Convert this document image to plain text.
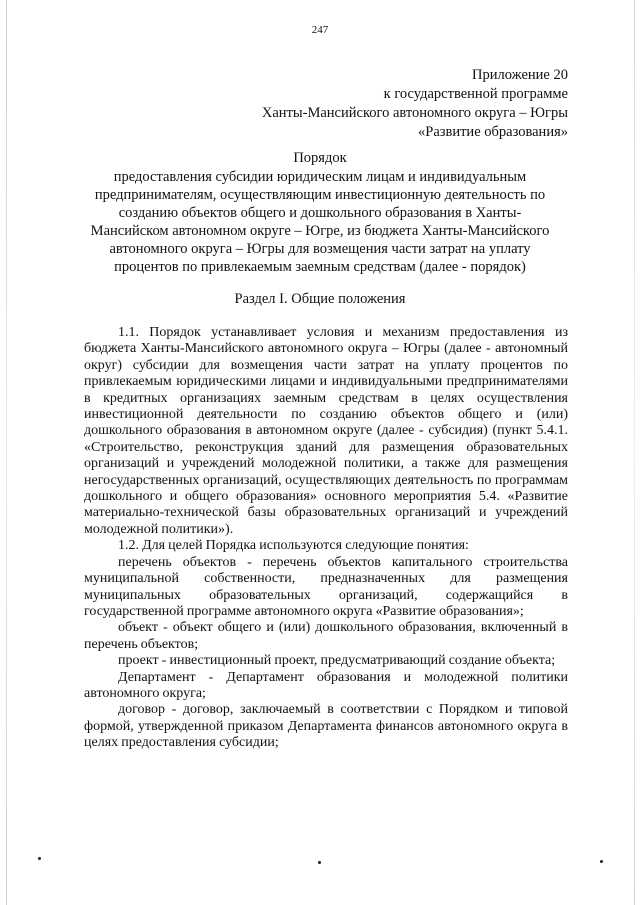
247
Приложение 20
к государственной программе
Ханты-Мансийского автономного округа – Югры
«Развитие образования»
Порядок
предоставления субсидии юридическим лицам и индивидуальным
предпринимателям, осуществляющим инвестиционную деятельность по
созданию объектов общего и дошкольного образования в Ханты-
Мансийском автономном округе – Югре, из бюджета Ханты-Мансийского
автономного округа – Югры для возмещения части затрат на уплату
процентов по привлекаемым заемным средствам (далее - порядок)
Раздел I. Общие положения

1.1. Порядок устанавливает условия и механизм предоставления из бюджета Ханты-Мансийского автономного округа – Югры (далее - автономный округ) субсидии для возмещения части затрат на уплату процентов по привлекаемым юридическими лицами и индивидуальными предпринимателями в кредитных организациях заемным средствам в целях осуществления инвестиционной деятельности по созданию объектов общего и (или) дошкольного образования в автономном округе (далее - субсидия) (пункт 5.4.1. «Строительство, реконструкция зданий для размещения образовательных организаций и учреждений молодежной политики, а также для размещения негосударственных организаций, осуществляющих деятельность по программам дошкольного и общего образования» основного мероприятия 5.4. «Развитие материально-технической базы образовательных организаций и учреждений молодежной политики»).

1.2. Для целей Порядка используются следующие понятия:

перечень объектов - перечень объектов капитального строительства муниципальной собственности, предназначенных для размещения муниципальных образовательных организаций, содержащийся в государственной программе автономного округа «Развитие образования»;

объект - объект общего и (или) дошкольного образования, включенный в перечень объектов;

проект - инвестиционный проект, предусматривающий создание объекта;

Департамент - Департамент образования и молодежной политики автономного округа;

договор - договор, заключаемый в соответствии с Порядком и типовой формой, утвержденной приказом Департамента финансов автономного округа в целях предоставления субсидии;
